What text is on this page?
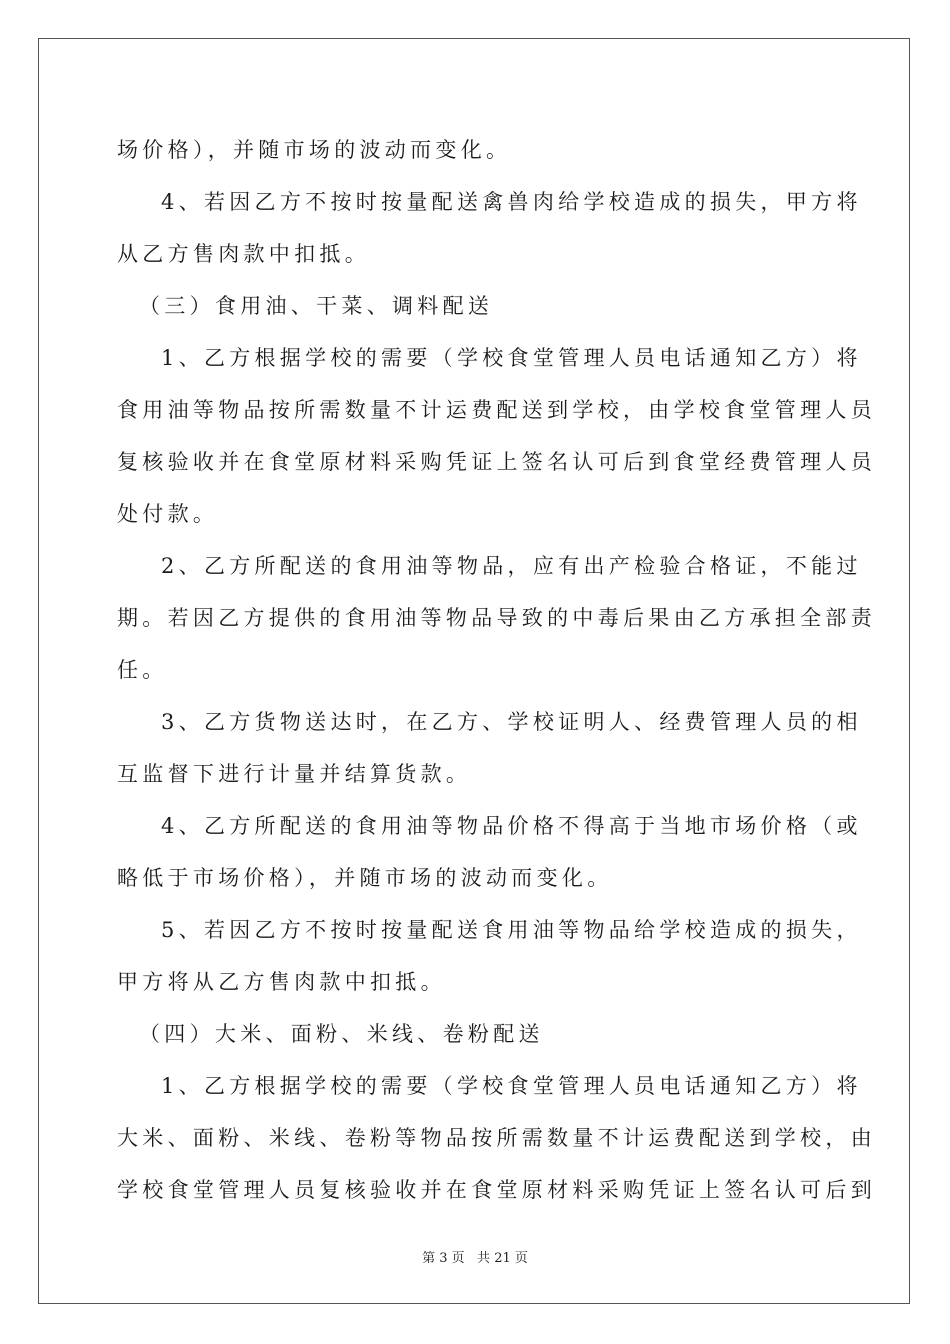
场价格），并随市场的波动而变化。
4、若因乙方不按时按量配送禽兽肉给学校造成的损失，甲方将
从乙方售肉款中扣抵。
（三）食用油、干菜、调料配送
1、乙方根据学校的需要（学校食堂管理人员电话通知乙方）将
食用油等物品按所需数量不计运费配送到学校，由学校食堂管理人员
复核验收并在食堂原材料采购凭证上签名认可后到食堂经费管理人员
处付款。
2、乙方所配送的食用油等物品，应有出产检验合格证，不能过
期。若因乙方提供的食用油等物品导致的中毒后果由乙方承担全部责
任。
3、乙方货物送达时，在乙方、学校证明人、经费管理人员的相
互监督下进行计量并结算货款。
4、乙方所配送的食用油等物品价格不得高于当地市场价格（或
略低于市场价格），并随市场的波动而变化。
5、若因乙方不按时按量配送食用油等物品给学校造成的损失，
甲方将从乙方售肉款中扣抵。
（四）大米、面粉、米线、卷粉配送
1、乙方根据学校的需要（学校食堂管理人员电话通知乙方）将
大米、面粉、米线、卷粉等物品按所需数量不计运费配送到学校，由
学校食堂管理人员复核验收并在食堂原材料采购凭证上签名认可后到
第 3 页   共 21 页
